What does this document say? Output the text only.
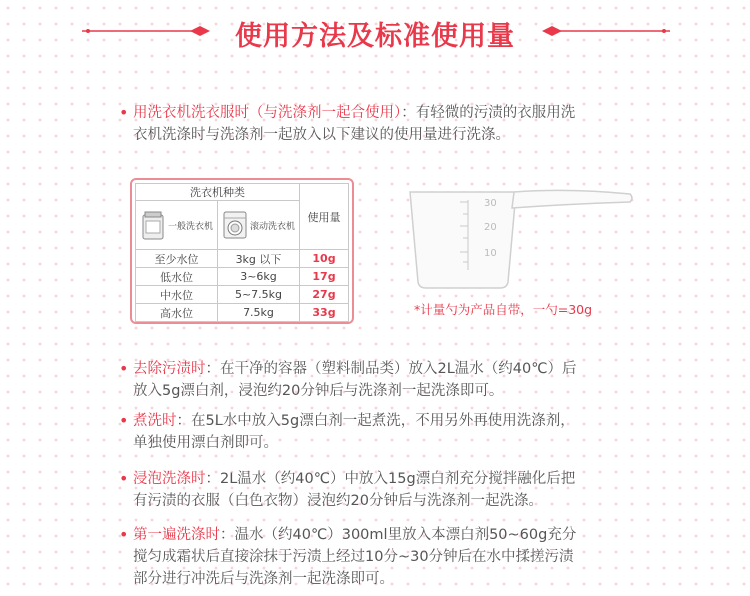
使用方法及标准使用量
• 用洗衣机洗衣服时（与洗涤剂一起合使用）：有轻微的污渍的衣服用洗
衣机洗涤时与洗涤剂一起放入以下建议的使用量进行洗涤。
洗衣机种类		使用量

一般洗衣机	滚动洗衣机	

至少水位	3kg 以下	10g
低水位	3~6kg	17g
中水位	5~7.5kg	27g
高水位	7.5kg	33g
30
20
10
*计量勺为产品自带，一勺=30g
• 去除污渍时：在干净的容器（塑料制品类）放入2L温水（约40℃）后
放入5g漂白剂，浸泡约20分钟后与洗涤剂一起洗涤即可。
• 煮洗时：在5L水中放入5g漂白剂一起煮洗，不用另外再使用洗涤剂，
单独使用漂白剂即可。
• 浸泡洗涤时：2L温水（约40℃）中放入15g漂白剂充分搅拌融化后把
有污渍的衣服（白色衣物）浸泡约20分钟后与洗涤剂一起洗涤。
• 第一遍洗涤时：温水（约40℃）300ml里放入本漂白剂50~60g充分
搅匀成霜状后直接涂抹于污渍上经过10分~30分钟后在水中揉搓污渍
部分进行冲洗后与洗涤剂一起洗涤即可。
